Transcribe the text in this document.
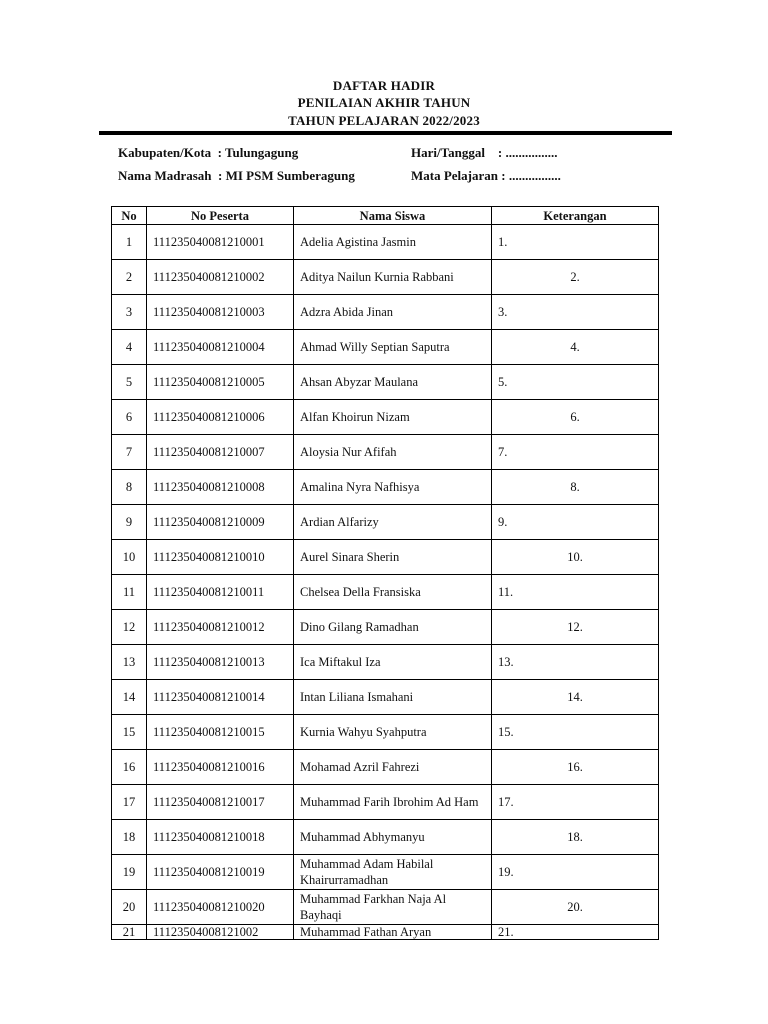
DAFTAR HADIR
PENILAIAN AKHIR TAHUN
TAHUN PELAJARAN 2022/2023
Kabupaten/Kota  : Tulungagung	Hari/Tanggal    : ................
Nama Madrasah  : MI PSM Sumberagung	Mata Pelajaran : ................
No	No Peserta	Nama Siswa	Keterangan
1	111235040081210001	Adelia Agistina Jasmin	1.
2	111235040081210002	Aditya Nailun Kurnia Rabbani	2.
3	111235040081210003	Adzra Abida Jinan	3.
4	111235040081210004	Ahmad Willy Septian Saputra	4.
5	111235040081210005	Ahsan Abyzar Maulana	5.
6	111235040081210006	Alfan Khoirun Nizam	6.
7	111235040081210007	Aloysia Nur Afifah	7.
8	111235040081210008	Amalina Nyra Nafhisya	8.
9	111235040081210009	Ardian Alfarizy	9.
10	111235040081210010	Aurel Sinara Sherin	10.
11	111235040081210011	Chelsea Della Fransiska	11.
12	111235040081210012	Dino Gilang Ramadhan	12.
13	111235040081210013	Ica Miftakul Iza	13.
14	111235040081210014	Intan Liliana Ismahani	14.
15	111235040081210015	Kurnia Wahyu Syahputra	15.
16	111235040081210016	Mohamad Azril Fahrezi	16.
17	111235040081210017	Muhammad Farih Ibrohim Ad Ham	17.
18	111235040081210018	Muhammad Abhymanyu	18.
19	111235040081210019	Muhammad Adam Habilal Khairurramadhan	19.
20	111235040081210020	Muhammad Farkhan Naja Al Bayhaqi	20.
21	11123504008121002	Muhammad Fathan Aryan	21.
